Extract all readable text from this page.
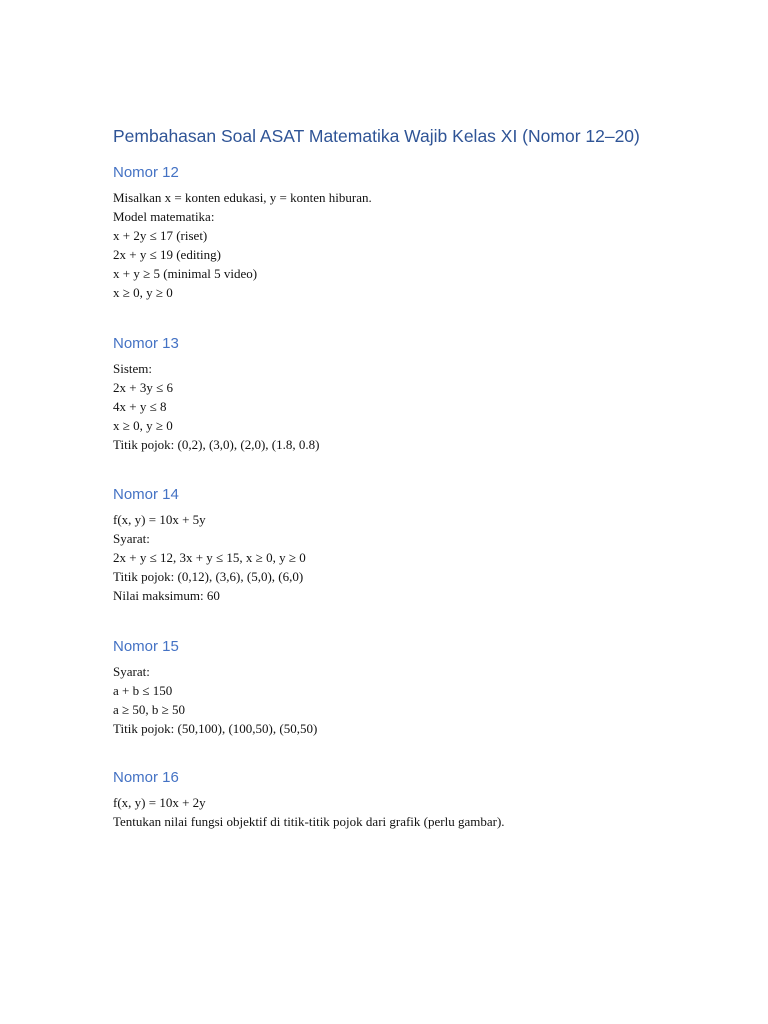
Pembahasan Soal ASAT Matematika Wajib Kelas XI (Nomor 12–20)
Nomor 12
Misalkan x = konten edukasi, y = konten hiburan.
Model matematika:
x + 2y ≤ 17 (riset)
2x + y ≤ 19 (editing)
x + y ≥ 5 (minimal 5 video)
x ≥ 0, y ≥ 0
Nomor 13
Sistem:
2x + 3y ≤ 6
4x + y ≤ 8
x ≥ 0, y ≥ 0
Titik pojok: (0,2), (3,0), (2,0), (1.8, 0.8)
Nomor 14
f(x, y) = 10x + 5y
Syarat:
2x + y ≤ 12, 3x + y ≤ 15, x ≥ 0, y ≥ 0
Titik pojok: (0,12), (3,6), (5,0), (6,0)
Nilai maksimum: 60
Nomor 15
Syarat:
a + b ≤ 150
a ≥ 50, b ≥ 50
Titik pojok: (50,100), (100,50), (50,50)
Nomor 16
f(x, y) = 10x + 2y
Tentukan nilai fungsi objektif di titik-titik pojok dari grafik (perlu gambar).
